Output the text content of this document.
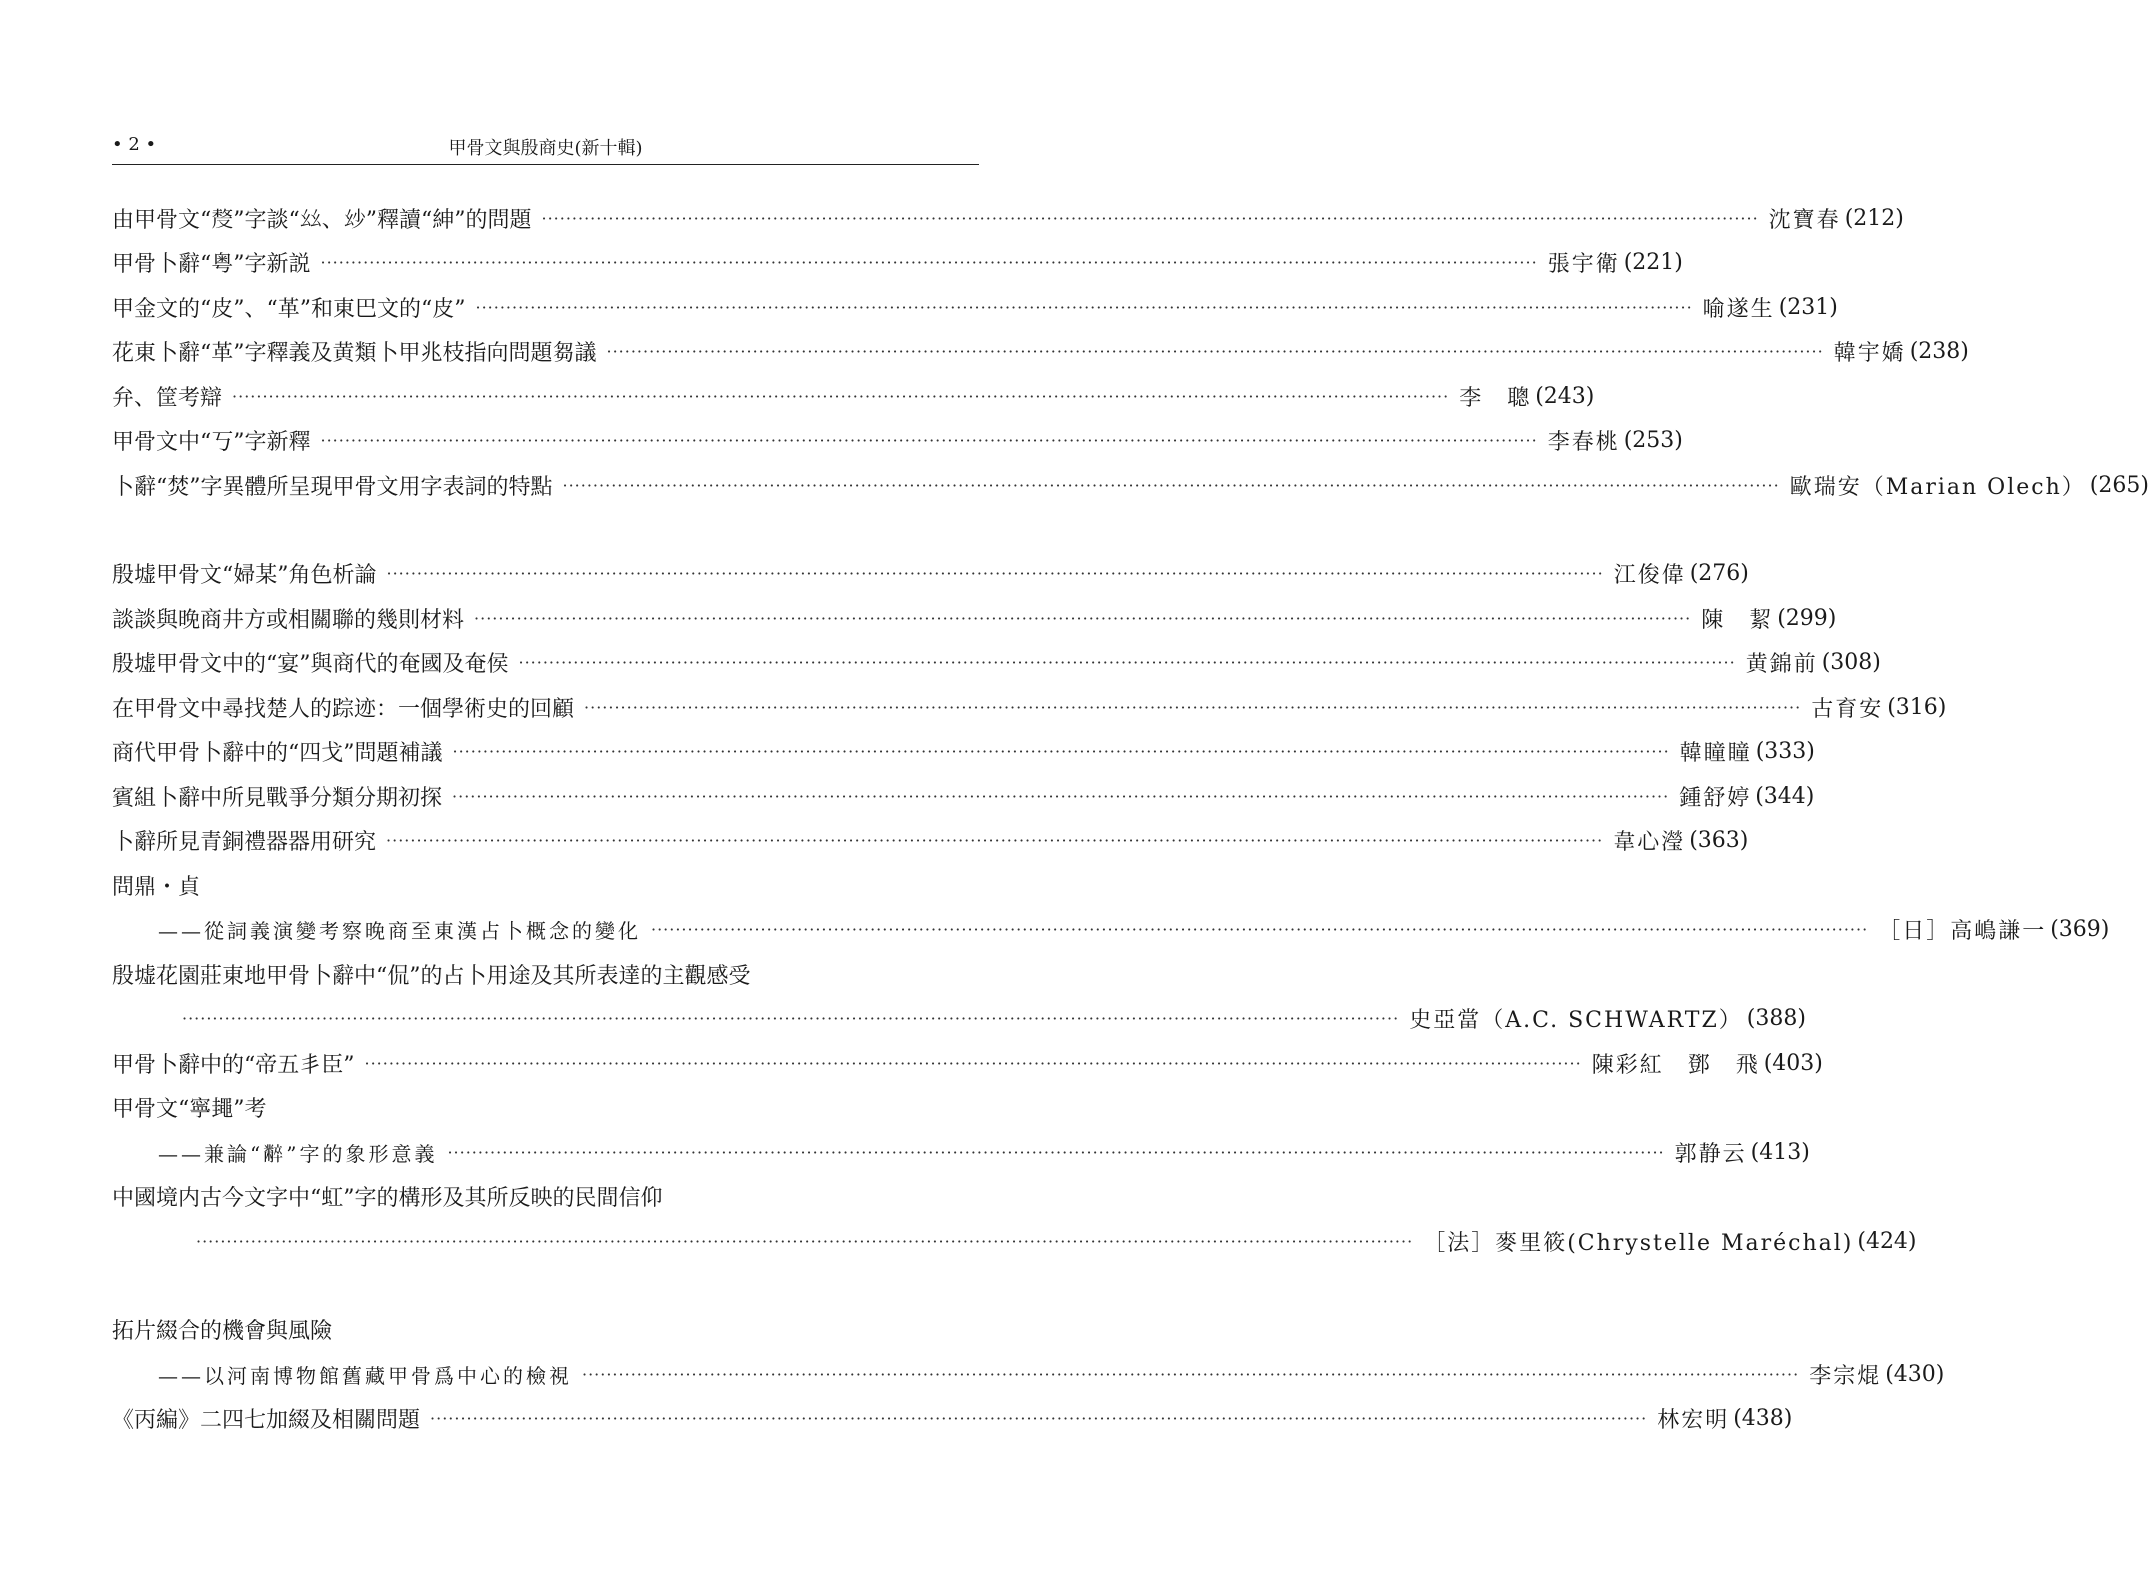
• 2 •	甲骨文與殷商史(新十輯)
由甲骨文“𠭰”字談“𢆶、𢆷”釋讀“紳”的問題 ········································································································································································································ 沈寶春 (212)
甲骨卜辭“粤”字新説 ········································································································································································································ 張宇衛 (221)
甲金文的“皮”、“革”和東巴文的“皮” ········································································································································································································ 喻遂生 (231)
花東卜辭“革”字釋義及黄類卜甲兆枝指向問題芻議 ········································································································································································································ 韓宇嬌 (238)
弁、筐考辯 ········································································································································································································ 李　聰 (243)
甲骨文中“丂”字新釋 ········································································································································································································ 李春桃 (253)
卜辭“焚”字異體所呈現甲骨文用字表詞的特點 ········································································································································································································ 歐瑞安（Marian Olech） (265)
殷墟甲骨文“婦某”角色析論 ········································································································································································································ 江俊偉 (276)
談談與晚商井方或相關聯的幾則材料 ········································································································································································································ 陳　絜 (299)
殷墟甲骨文中的“宴”與商代的奄國及奄侯 ········································································································································································································ 黄錦前 (308)
在甲骨文中尋找楚人的踪迹：一個學術史的回顧 ········································································································································································································ 古育安 (316)
商代甲骨卜辭中的“四戈”問題補議 ········································································································································································································ 韓瞳瞳 (333)
賓組卜辭中所見戰爭分類分期初探 ········································································································································································································ 鍾舒婷 (344)
卜辭所見青銅禮器器用研究 ········································································································································································································ 韋心瀅 (363)
問鼎・貞
——從詞義演變考察晚商至東漢占卜概念的變化 ········································································································································································································ ［日］高嶋謙一 (369)
殷墟花園莊東地甲骨卜辭中“侃”的占卜用途及其所表達的主觀感受
········································································································································································································ 史亞當（A.C. SCHWARTZ） (388)
甲骨卜辭中的“帝五丯臣” ········································································································································································································ 陳彩紅　鄧　飛 (403)
甲骨文“寧䵷”考
——兼論“𪓌”字的象形意義 ········································································································································································································ 郭静云 (413)
中國境内古今文字中“虹”字的構形及其所反映的民間信仰
········································································································································································································ ［法］麥里筱(Chrystelle Maréchal) (424)
拓片綴合的機會與風險
——以河南博物館舊藏甲骨爲中心的檢視 ········································································································································································································ 李宗焜 (430)
《丙編》二四七加綴及相關問題 ········································································································································································································ 林宏明 (438)
